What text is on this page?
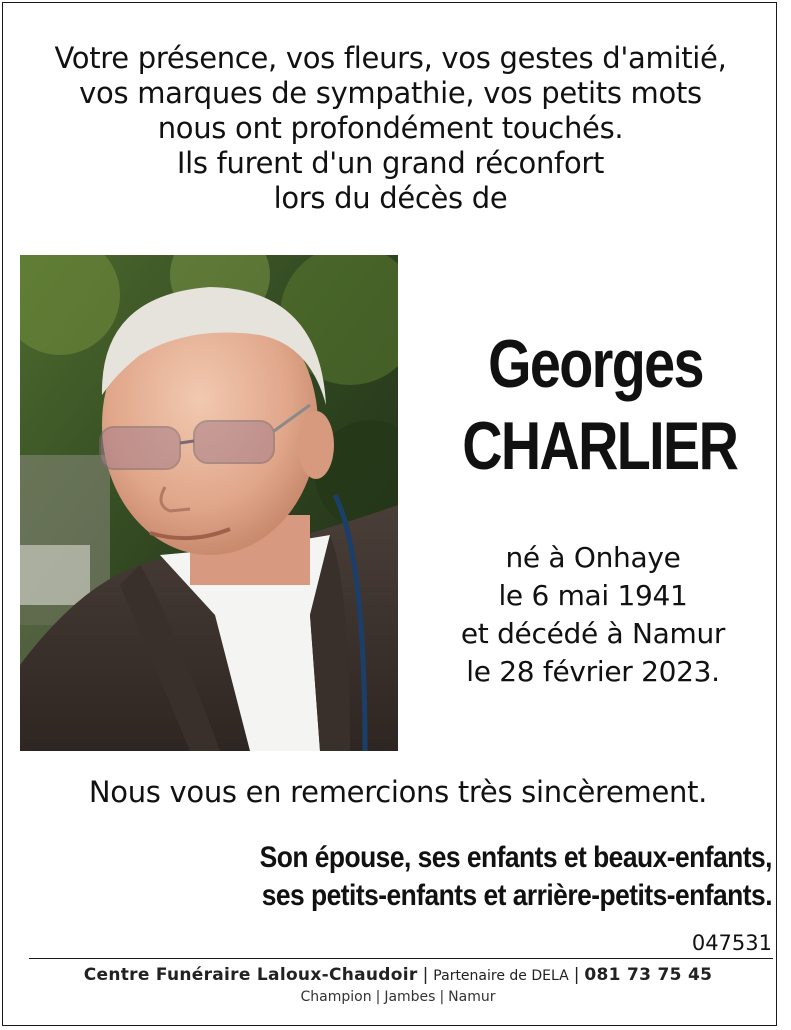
Votre présence, vos fleurs, vos gestes d'amitié,
vos marques de sympathie, vos petits mots
nous ont profondément touchés.
Ils furent d'un grand réconfort
lors du décès de
Georges
CHARLIER
né à Onhaye
le 6 mai 1941
et décédé à Namur
le 28 février 2023.
Nous vous en remercions très sincèrement.
Son épouse, ses enfants et beaux-enfants,
ses petits-enfants et arrière-petits-enfants.
047531
Centre Funéraire Laloux-Chaudoir | Partenaire de DELA | 081 73 75 45
Champion | Jambes | Namur
